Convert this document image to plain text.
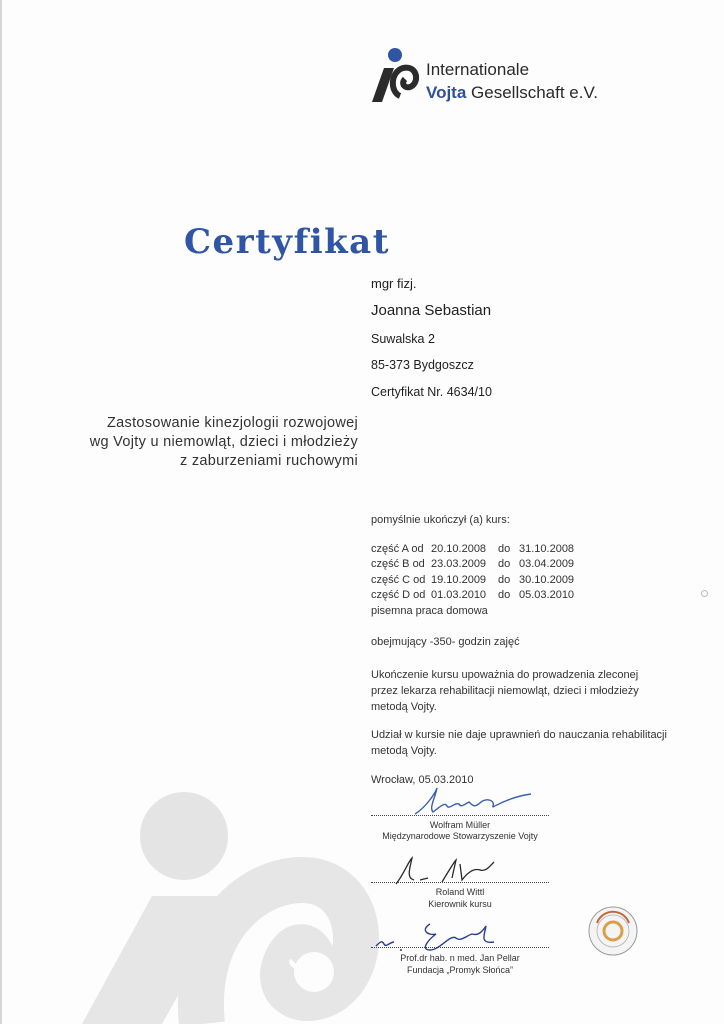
Internationale
Vojta Gesellschaft e.V.
Certyfikat
mgr fizj.
Joanna Sebastian
Suwalska 2
85-373 Bydgoszcz
Certyfikat Nr. 4634/10
Zastosowanie kinezjologii rozwojowej
wg Vojty u niemowląt, dzieci i młodzieży
z zaburzeniami ruchowymi
pomyślnie ukończył (a) kurs:
część A od 20.10.2008	do 31.10.2008
część B od 23.03.2009	do 03.04.2009
część C od 19.10.2009	do 30.10.2009
część D od 01.03.2010	do 05.03.2010
pisemna praca domowa
obejmujący -350- godzin zajęć
Ukończenie kursu upoważnia do prowadzenia zleconej
przez lekarza rehabilitacji niemowląt, dzieci i młodzieży
metodą Vojty.
Udział w kursie nie daje uprawnień do nauczania rehabilitacji
metodą Vojty.
Wrocław, 05.03.2010
Wolfram Müller
Międzynarodowe Stowarzyszenie Vojty
Roland Wittl
Kierownik kursu
Prof.dr hab. n med. Jan Pellar
Fundacja „Promyk Słońca”
